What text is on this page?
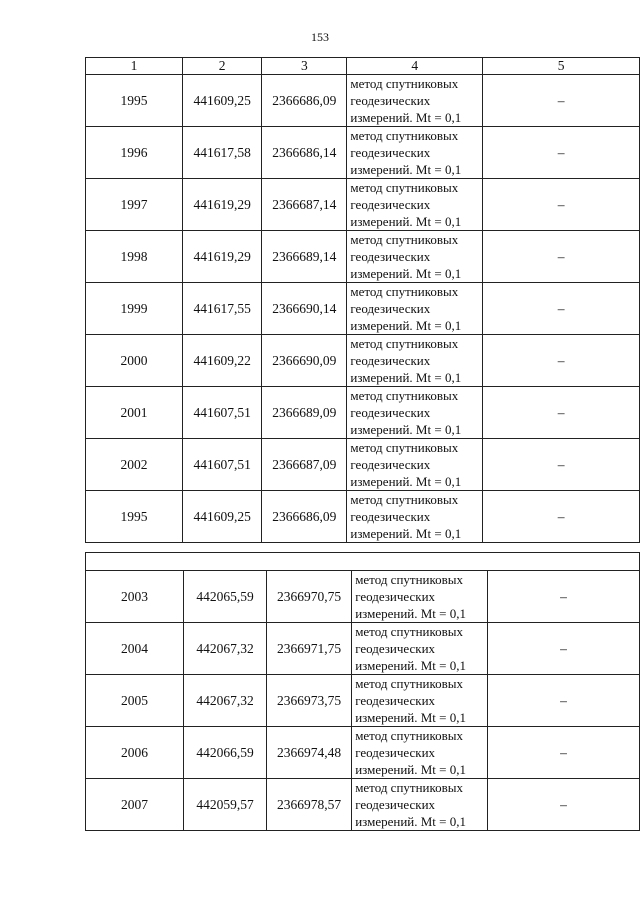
153
1	2	3	4	5
1995	441609,25	2366686,09	метод спутниковых
геодезических
измерений. Mt = 0,1	–
1996	441617,58	2366686,14	метод спутниковых
геодезических
измерений. Mt = 0,1	–
1997	441619,29	2366687,14	метод спутниковых
геодезических
измерений. Mt = 0,1	–
1998	441619,29	2366689,14	метод спутниковых
геодезических
измерений. Mt = 0,1	–
1999	441617,55	2366690,14	метод спутниковых
геодезических
измерений. Mt = 0,1	–
2000	441609,22	2366690,09	метод спутниковых
геодезических
измерений. Mt = 0,1	–
2001	441607,51	2366689,09	метод спутниковых
геодезических
измерений. Mt = 0,1	–
2002	441607,51	2366687,09	метод спутниковых
геодезических
измерений. Mt = 0,1	–
1995	441609,25	2366686,09	метод спутниковых
геодезических
измерений. Mt = 0,1	–

2003	442065,59	2366970,75	метод спутниковых
геодезических
измерений. Mt = 0,1	–
2004	442067,32	2366971,75	метод спутниковых
геодезических
измерений. Mt = 0,1	–
2005	442067,32	2366973,75	метод спутниковых
геодезических
измерений. Mt = 0,1	–
2006	442066,59	2366974,48	метод спутниковых
геодезических
измерений. Mt = 0,1	–
2007	442059,57	2366978,57	метод спутниковых
геодезических
измерений. Mt = 0,1	–
